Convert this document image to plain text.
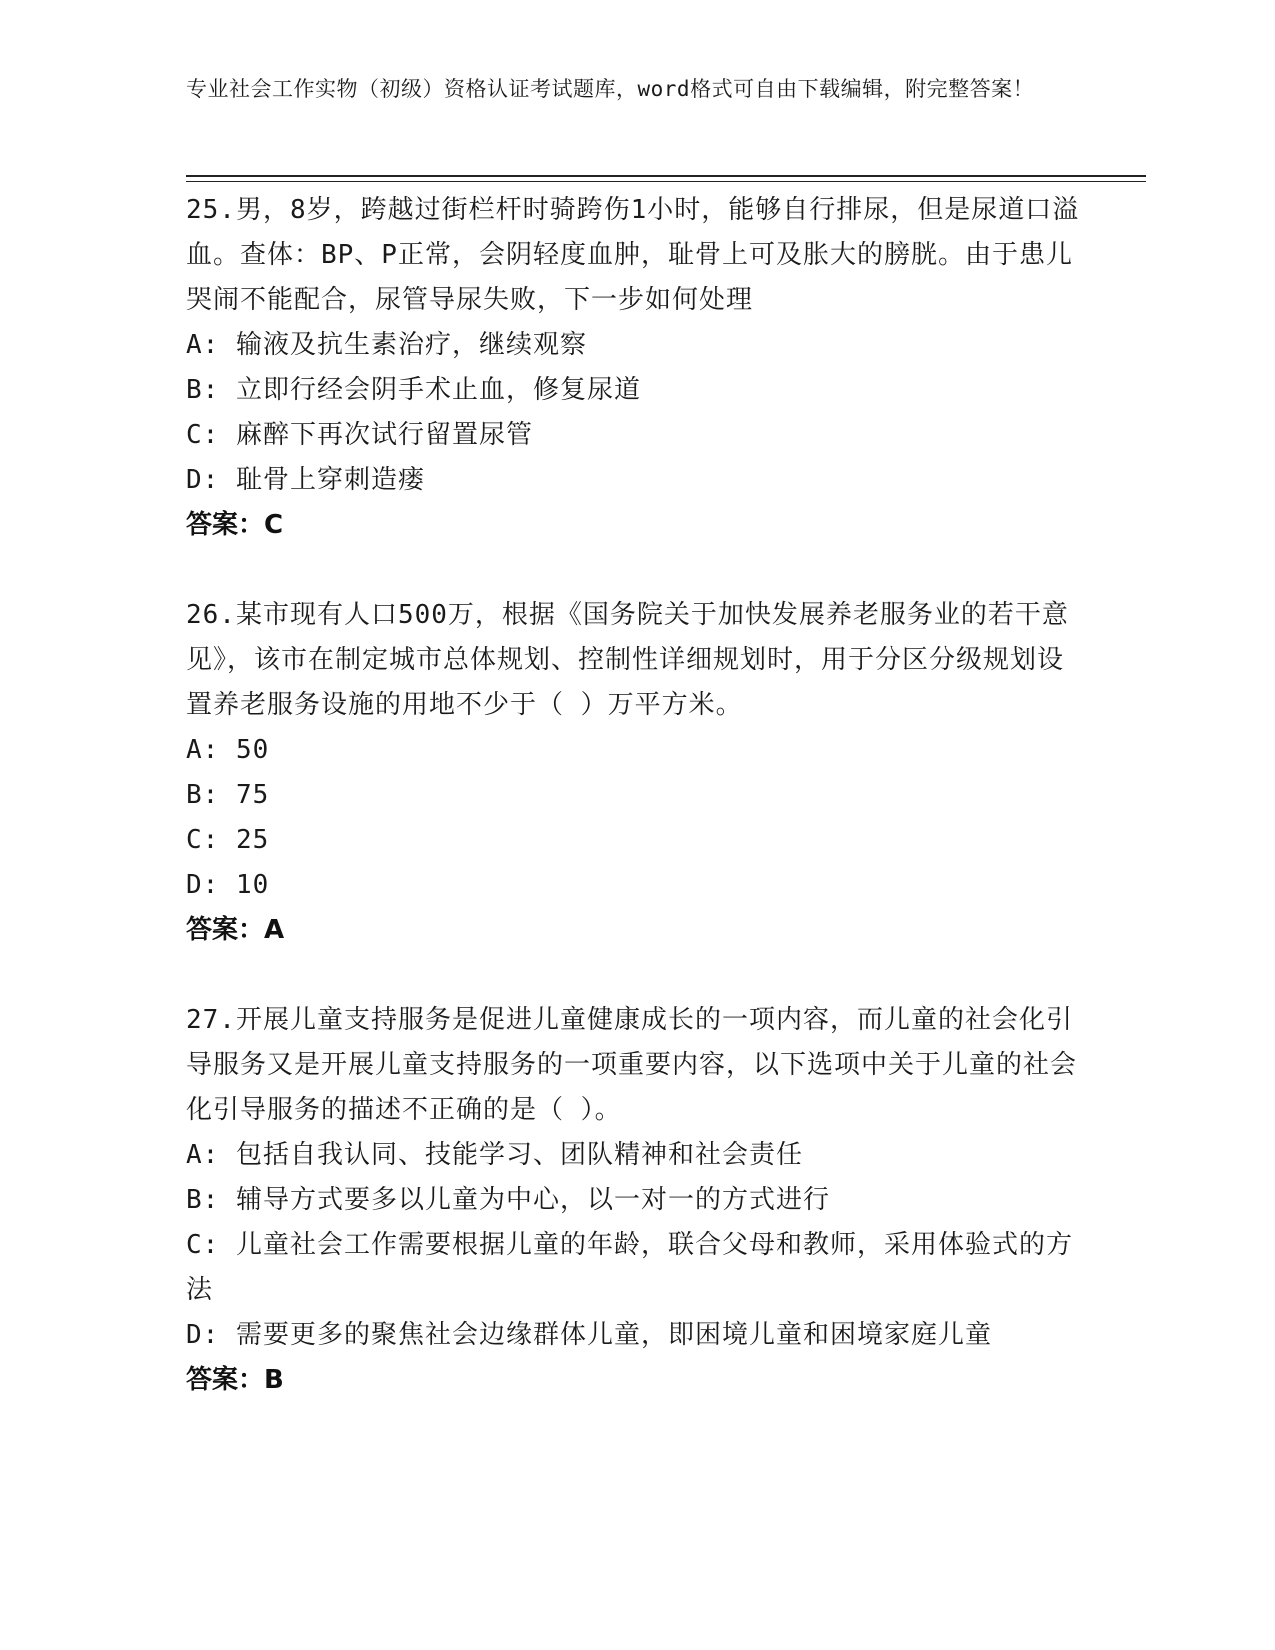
专业社会工作实物（初级）资格认证考试题库，word格式可自由下载编辑，附完整答案！

25.男，8岁，跨越过街栏杆时骑跨伤1小时，能够自行排尿，但是尿道口溢血。查体：BP、P正常，会阴轻度血肿，耻骨上可及胀大的膀胱。由于患儿哭闹不能配合，尿管导尿失败，下一步如何处理

A: 输液及抗生素治疗，继续观察

B: 立即行经会阴手术止血，修复尿道

C: 麻醉下再次试行留置尿管

D: 耻骨上穿刺造瘘

答案：C

26.某市现有人口500万，根据《国务院关于加快发展养老服务业的若干意见》，该市在制定城市总体规划、控制性详细规划时，用于分区分级规划设置养老服务设施的用地不少于（ ）万平方米。

A: 50

B: 75

C: 25

D: 10

答案：A

27.开展儿童支持服务是促进儿童健康成长的一项内容，而儿童的社会化引导服务又是开展儿童支持服务的一项重要内容，以下选项中关于儿童的社会化引导服务的描述不正确的是（ ）。

A: 包括自我认同、技能学习、团队精神和社会责任

B: 辅导方式要多以儿童为中心，以一对一的方式进行

C: 儿童社会工作需要根据儿童的年龄，联合父母和教师，采用体验式的方法

D: 需要更多的聚焦社会边缘群体儿童，即困境儿童和困境家庭儿童

答案：B
